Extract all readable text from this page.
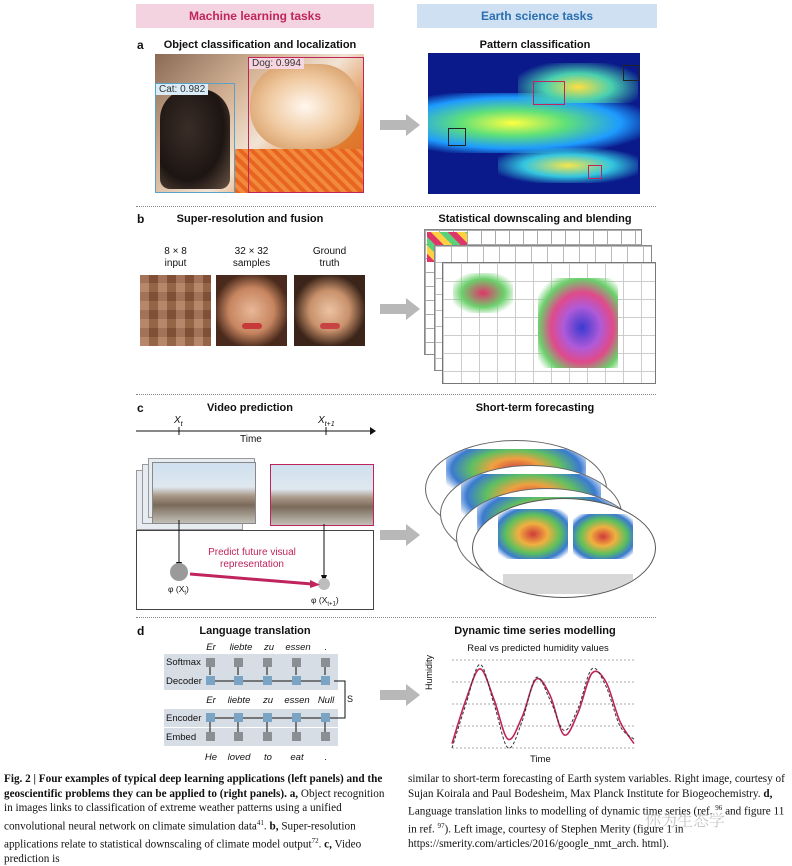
Machine learning tasks	Earth science tasks
a	Object classification and localization	Pattern classification
Dog: 0.994
Cat: 0.982
b	Super-resolution and fusion	Statistical downscaling and blending
8 × 8
input
32 × 32
samples
Ground
truth
c	Video prediction	Short-term forecasting
$X_t$	$X_{t+1}$
Time
Predict future visual
representation
φ $(X_t)$
φ $(X_{t+1})$
d	Language translation	Dynamic time series modelling
Er	liebte	zu	essen	.
Softmax
Decoder
Encoder
Embed
S
Er	liebte	zu	essen Null
He	loved	to	eat	.
Real vs predicted humidity values
Humidity
Time
Fig. 2 | Four examples of typical deep learning applications (left panels) and the geoscientific problems they can be applied to (right panels). a, Object recognition in images links to classification of extreme weather patterns using a unified convolutional neural network on climate simulation data$^{41}$. b, Super-resolution applications relate to statistical downscaling of climate model output$^{72}$. c, Video prediction is
similar to short-term forecasting of Earth system variables. Right image, courtesy of Sujan Koirala and Paul Bodesheim, Max Planck Institute for Biogeochemistry. d, Language translation links to modelling of dynamic time series (ref. $^{96}$ and figure 11 in ref. $^{97}$). Left image, courtesy of Stephen Merity (figure 1 in https://smerity.com/articles/2016/google_nmt_arch. html).
你为生态学
